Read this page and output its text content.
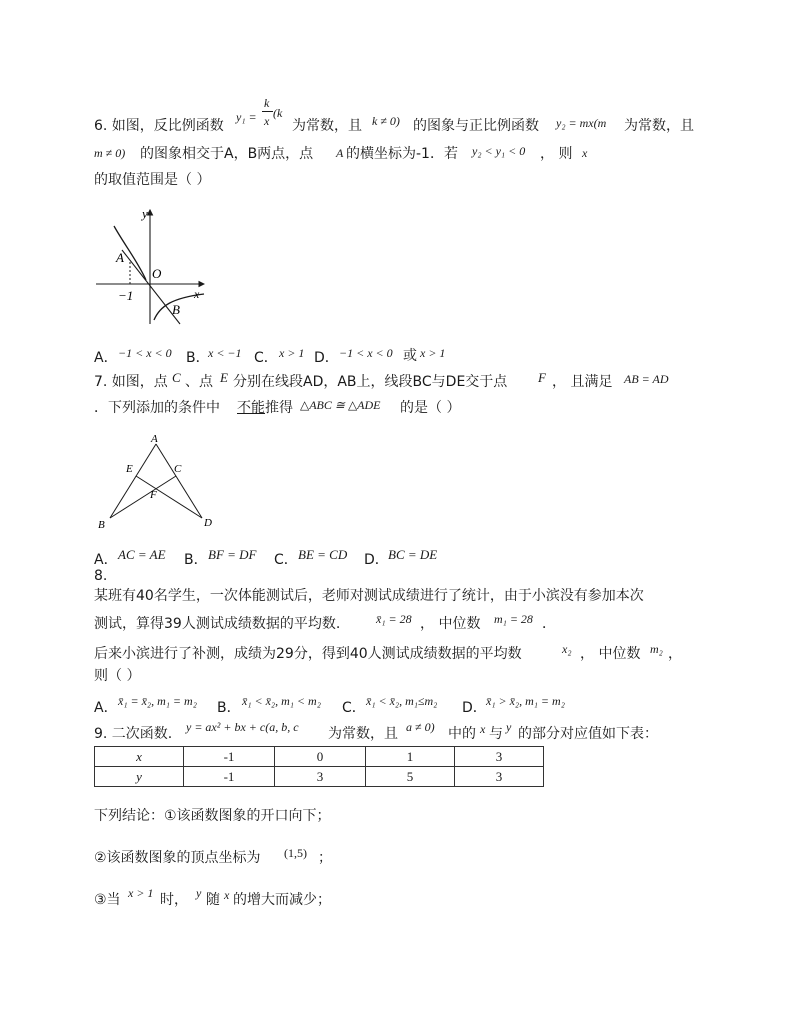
6. 如图，反比例函数
y₁ =
k
x
(k
为常数，且 k ≠ 0) 的图象与正比例函数 y₂ = mx(m 为常数，且
m ≠ 0) 的图象相交于A，B两点，点 A 的横坐标为-1．若 y₂ < y₁ < 0 ， 则 x
的取值范围是（ ）
y
A
O
x
−1
B
A． −1 < x < 0 B．
x < −1 C． x > 1 D． −1 < x < 0 或 x > 1
7. 如图，点 C 、点 E 分别在线段AD，AB上，线段BC与DE交于点 F ， 且满足 AB = AD
．下列添加的条件中 不能 推得 △ABC ≅ △ADE 的是（ ）
A
E	C
F
B	D
A． AC = AE B． BF = DF C． BE = CD D． BC = DE
8.
某班有40名学生，一次体能测试后，老师对测试成绩进行了统计，由于小滨没有参加本次
测试，算得39人测试成绩数据的平均数.	x̄₁ = 28 ， 中位数 m₁ = 28 ．
后来小滨进行了补测，成绩为29分，得到40人测试成绩数据的平均数	x₂ ， 中位数 m₂ ，
则（ ）
A． x̄₁ = x̄₂, m₁ = m₂ B． x̄₁ < x̄₂, m₁ < m₂ C． x̄₁ < x̄₂, m₁≤m₂ D． x̄₁ > x̄₂, m₁ = m₂
9. 二次函数. y = ax² + bx + c(a, b, c 为常数，且 a ≠ 0) 中的 x 与 y 的部分对应值如下表：
x	-1	0	1	3
y	-1	3	5	3
下列结论：①该函数图象的开口向下；
②该函数图象的顶点坐标为 (1,5) ；
③当 x > 1 时， y 随 x 的增大而减少；
